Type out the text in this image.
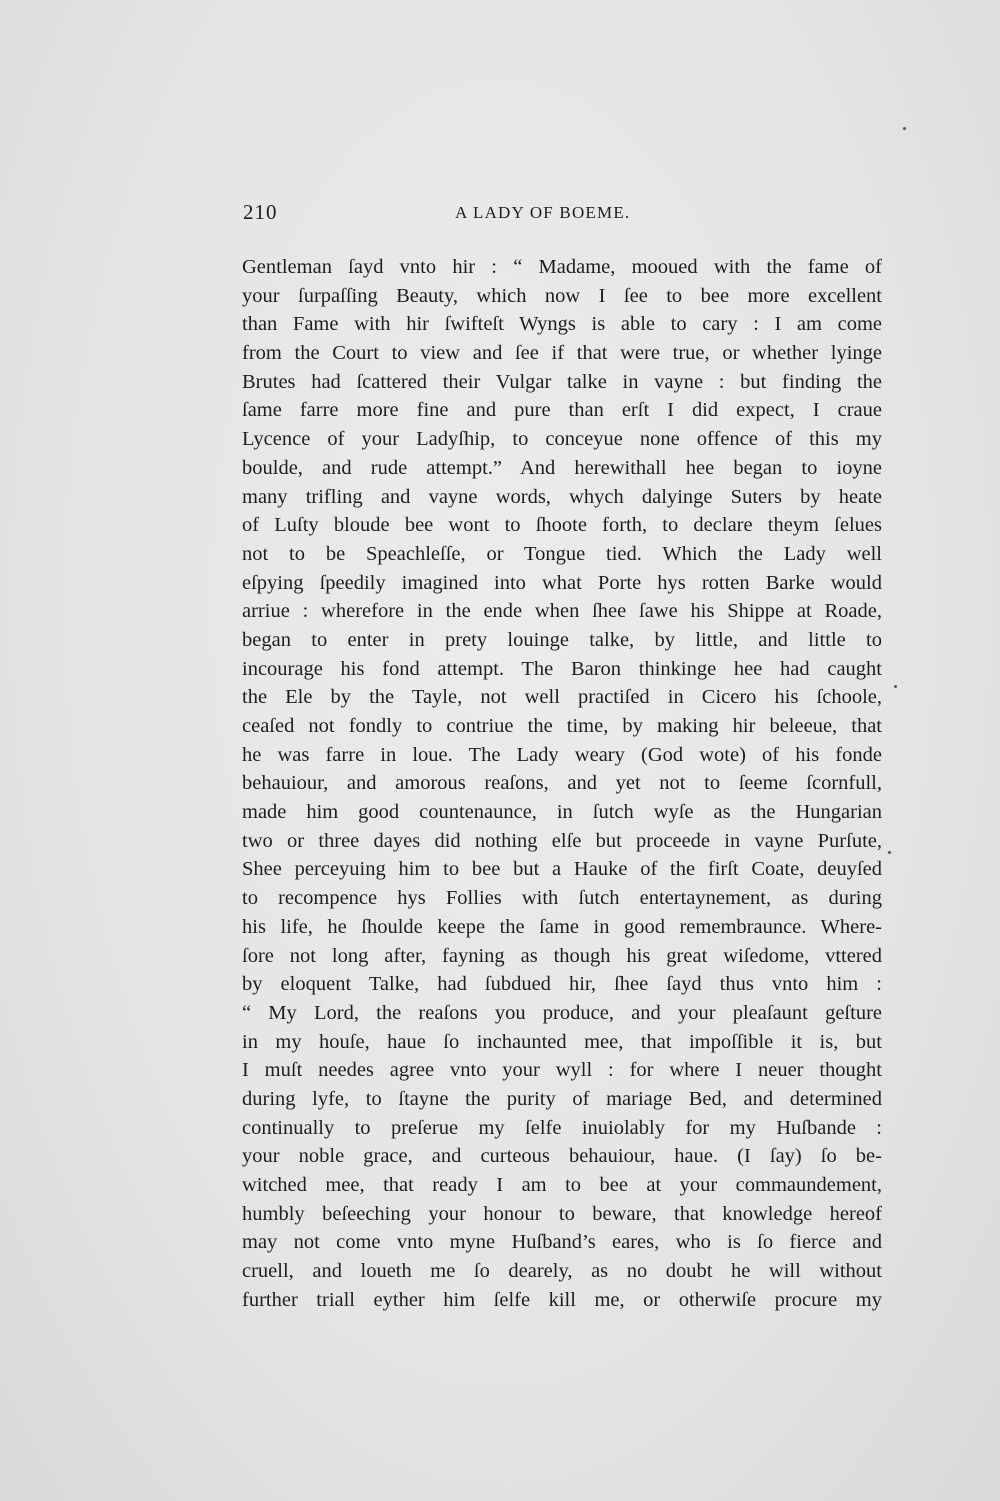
210	A LADY OF BOEME.
Gentleman ſayd vnto hir : “ Madame, mooued with the fame of
your ſurpaſſing Beauty, which now I ſee to bee more excellent
than Fame with hir ſwifteſt Wyngs is able to cary : I am come
from the Court to view and ſee if that were true, or whether lyinge
Brutes had ſcattered their Vulgar talke in vayne : but finding the
ſame farre more fine and pure than erſt I did expect, I craue
Lycence of your Ladyſhip, to conceyue none offence of this my
boulde, and rude attempt.” And herewithall hee began to ioyne
many trifling and vayne words, whych dalyinge Suters by heate
of Luſty bloude bee wont to ſhoote forth, to declare theym ſelues
not to be Speachleſſe, or Tongue tied. Which the Lady well
eſpying ſpeedily imagined into what Porte hys rotten Barke would
arriue : wherefore in the ende when ſhee ſawe his Shippe at Roade,
began to enter in prety louinge talke, by little, and little to
incourage his fond attempt. The Baron thinkinge hee had caught
the Ele by the Tayle, not well practiſed in Cicero his ſchoole,
ceaſed not fondly to contriue the time, by making hir beleeue, that
he was farre in loue. The Lady weary (God wote) of his fonde
behauiour, and amorous reaſons, and yet not to ſeeme ſcornfull,
made him good countenaunce, in ſutch wyſe as the Hungarian
two or three dayes did nothing elſe but proceede in vayne Purſute,
Shee perceyuing him to bee but a Hauke of the firſt Coate, deuyſed
to recompence hys Follies with ſutch entertaynement, as during
his life, he ſhoulde keepe the ſame in good remembraunce. Where-
ſore not long after, fayning as though his great wiſedome, vttered
by eloquent Talke, had ſubdued hir, ſhee ſayd thus vnto him :
“ My Lord, the reaſons you produce, and your pleaſaunt geſture
in my houſe, haue ſo inchaunted mee, that impoſſible it is, but
I muſt needes agree vnto your wyll : for where I neuer thought
during lyfe, to ſtayne the purity of mariage Bed, and determined
continually to preſerue my ſelfe inuiolably for my Huſbande :
your noble grace, and curteous behauiour, haue. (I ſay) ſo be-
witched mee, that ready I am to bee at your commaundement,
humbly beſeeching your honour to beware, that knowledge hereof
may not come vnto myne Huſband’s eares, who is ſo fierce and
cruell, and loueth me ſo dearely, as no doubt he will without
further triall eyther him ſelfe kill me, or otherwiſe procure my
